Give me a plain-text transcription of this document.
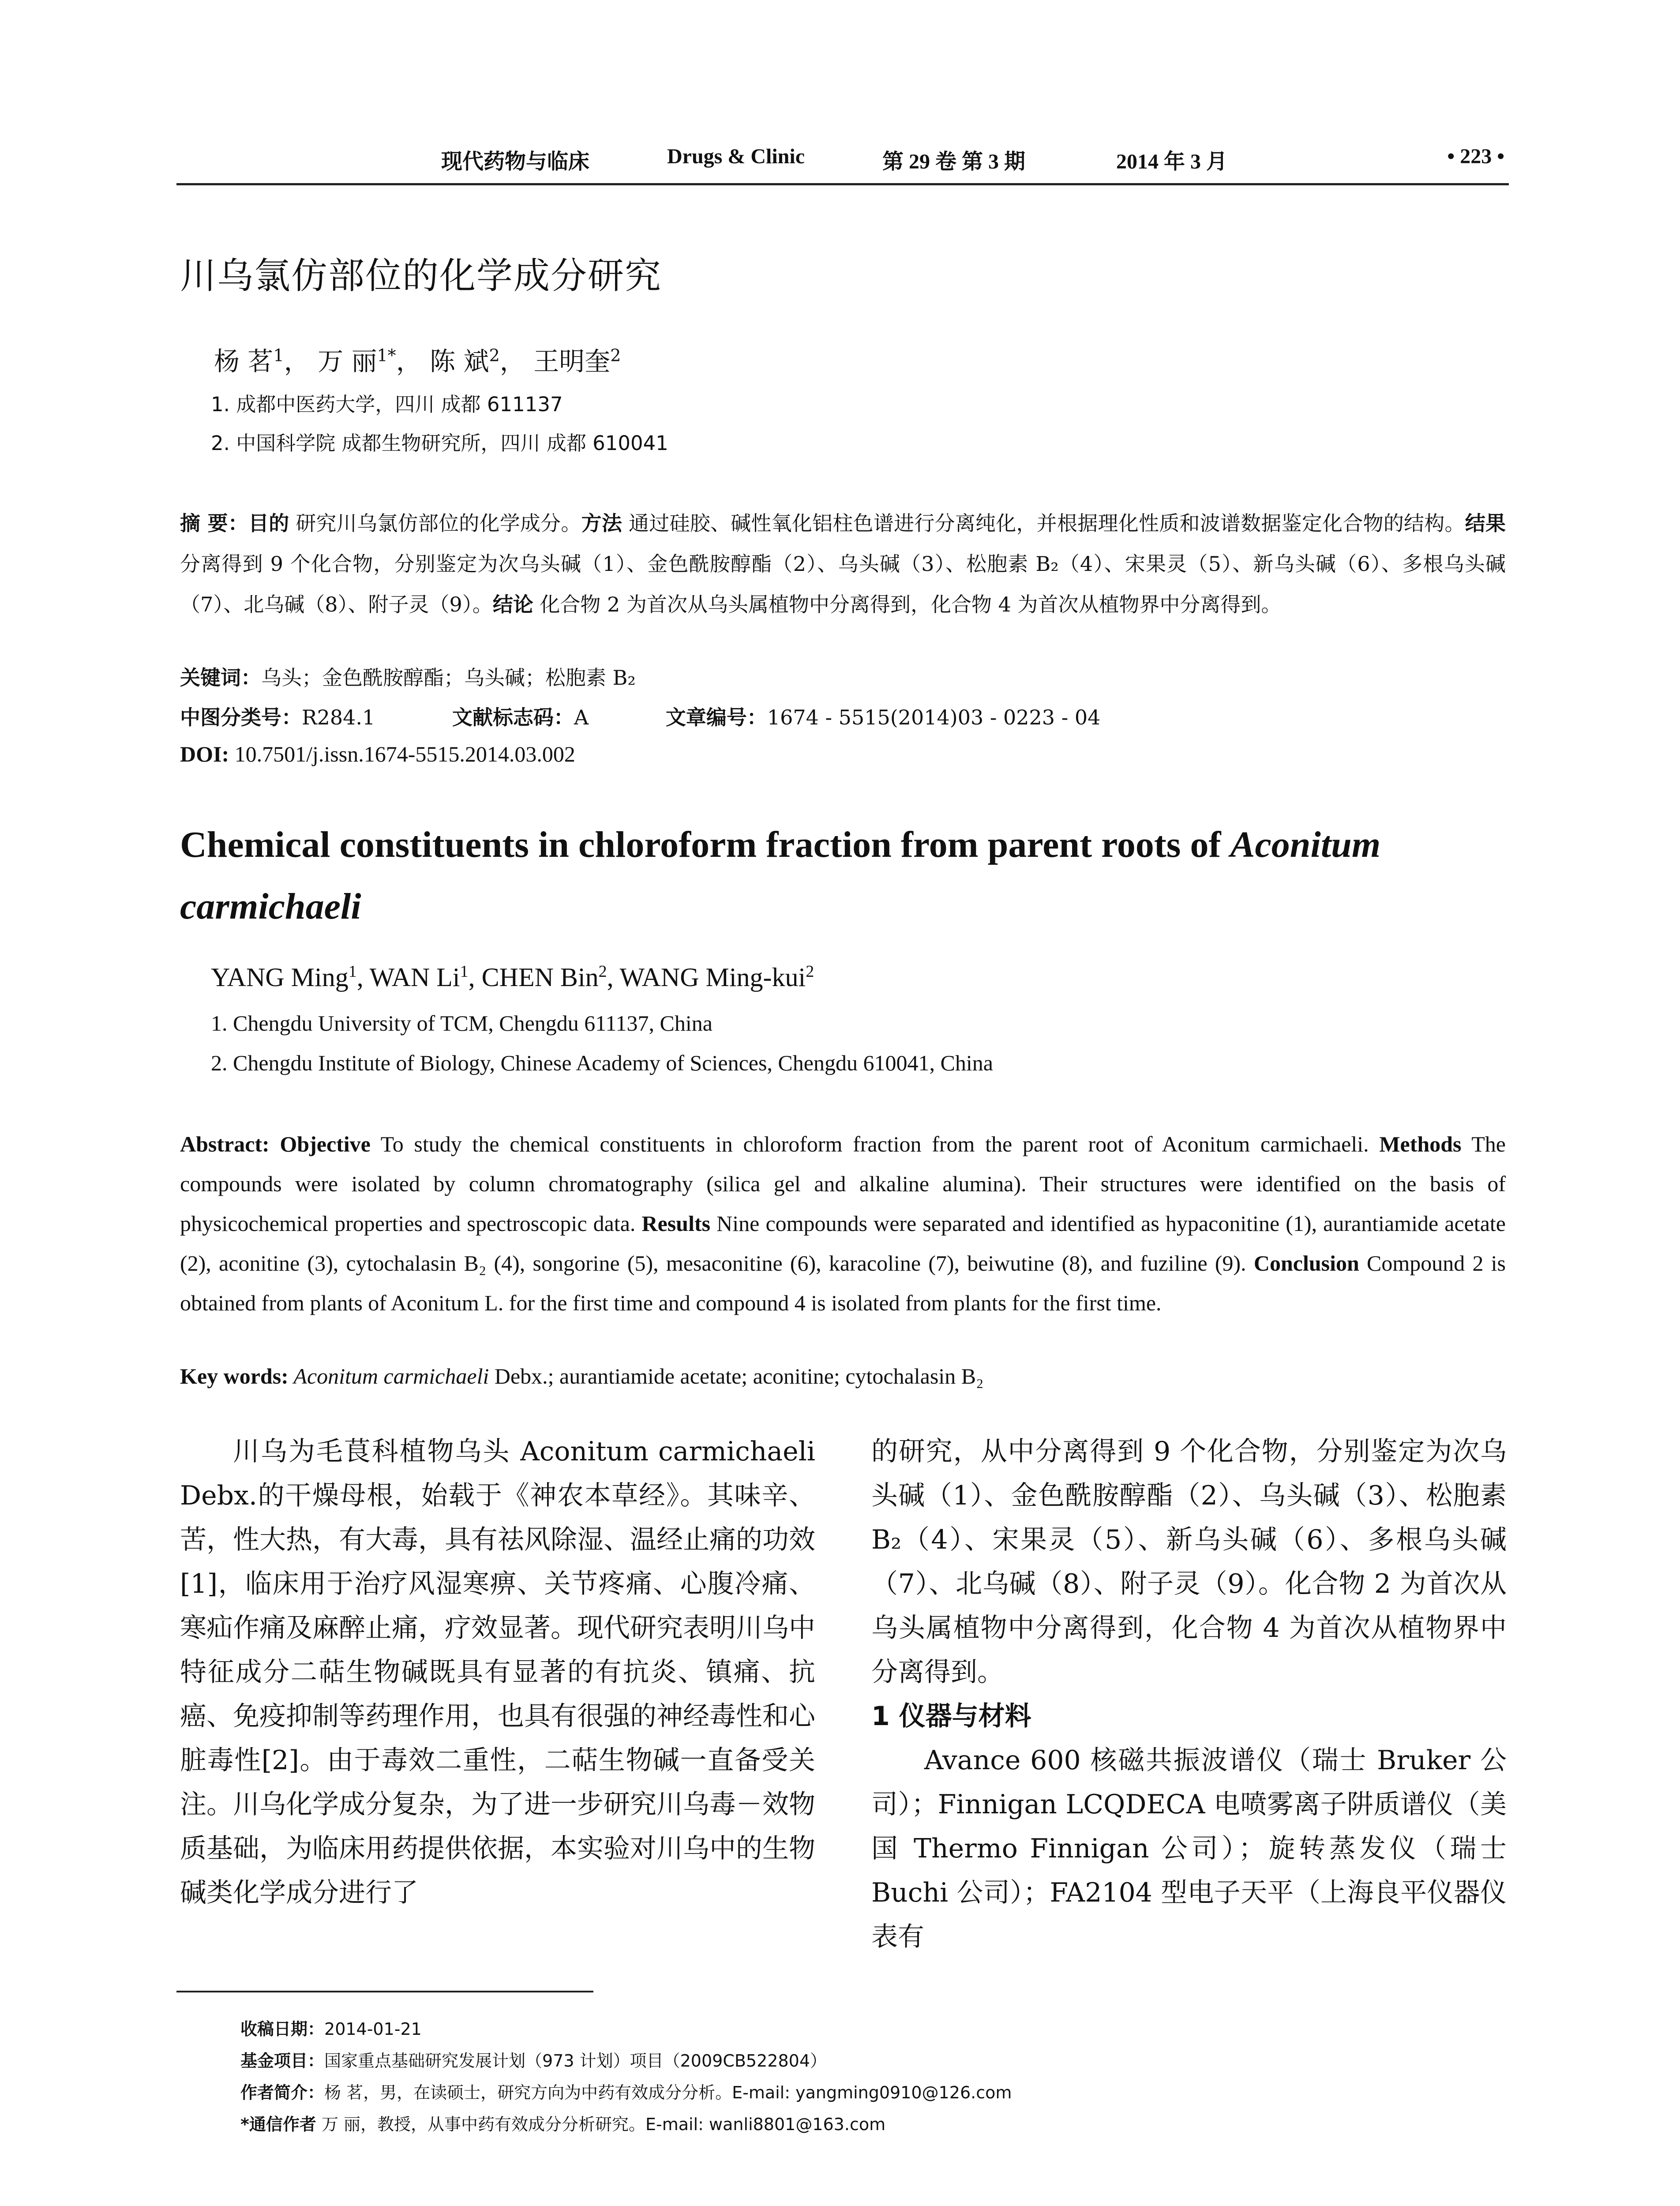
现代药物与临床	Drugs & Clinic	第 29 卷 第 3 期	2014 年 3 月	• 223 •
川乌氯仿部位的化学成分研究
杨 茗$^1$， 万 丽$^{1*}$， 陈 斌$^2$， 王明奎$^2$
1. 成都中医药大学，四川 成都 611137
2. 中国科学院 成都生物研究所，四川 成都 610041
摘 要：目的 研究川乌氯仿部位的化学成分。方法 通过硅胶、碱性氧化铝柱色谱进行分离纯化，并根据理化性质和波谱数据鉴定化合物的结构。结果 分离得到 9 个化合物，分别鉴定为次乌头碱（1）、金色酰胺醇酯（2）、乌头碱（3）、松胞素 B₂（4）、宋果灵（5）、新乌头碱（6）、多根乌头碱（7）、北乌碱（8）、附子灵（9）。结论 化合物 2 为首次从乌头属植物中分离得到，化合物 4 为首次从植物界中分离得到。
关键词：乌头；金色酰胺醇酯；乌头碱；松胞素 B₂
中图分类号：R284.1	文献标志码：A	文章编号：1674 - 5515(2014)03 - 0223 - 04
DOI: 10.7501/j.issn.1674-5515.2014.03.002
Chemical constituents in chloroform fraction from parent roots of Aconitum carmichaeli
YANG Ming$^1$, WAN Li$^1$, CHEN Bin$^2$, WANG Ming-kui$^2$
1. Chengdu University of TCM, Chengdu 611137, China
2. Chengdu Institute of Biology, Chinese Academy of Sciences, Chengdu 610041, China
Abstract: Objective To study the chemical constituents in chloroform fraction from the parent root of Aconitum carmichaeli. Methods The compounds were isolated by column chromatography (silica gel and alkaline alumina). Their structures were identified on the basis of physicochemical properties and spectroscopic data. Results Nine compounds were separated and identified as hypaconitine (1), aurantiamide acetate (2), aconitine (3), cytochalasin B₂ (4), songorine (5), mesaconitine (6), karacoline (7), beiwutine (8), and fuziline (9). Conclusion Compound 2 is obtained from plants of Aconitum L. for the first time and compound 4 is isolated from plants for the first time.
Key words: Aconitum carmichaeli Debx.; aurantiamide acetate; aconitine; cytochalasin B₂
川乌为毛茛科植物乌头 Aconitum carmichaeli Debx.的干燥母根，始载于《神农本草经》。其味辛、苦，性大热，有大毒，具有祛风除湿、温经止痛的功效[1]，临床用于治疗风湿寒痹、关节疼痛、心腹冷痛、寒疝作痛及麻醉止痛，疗效显著。现代研究表明川乌中特征成分二萜生物碱既具有显著的有抗炎、镇痛、抗癌、免疫抑制等药理作用，也具有很强的神经毒性和心脏毒性[2]。由于毒效二重性，二萜生物碱一直备受关注。川乌化学成分复杂，为了进一步研究川乌毒－效物质基础，为临床用药提供依据，本实验对川乌中的生物碱类化学成分进行了
的研究，从中分离得到 9 个化合物，分别鉴定为次乌头碱（1）、金色酰胺醇酯（2）、乌头碱（3）、松胞素 B₂（4）、宋果灵（5）、新乌头碱（6）、多根乌头碱（7）、北乌碱（8）、附子灵（9）。化合物 2 为首次从乌头属植物中分离得到，化合物 4 为首次从植物界中分离得到。
1 仪器与材料
Avance 600 核磁共振波谱仪（瑞士 Bruker 公司）；Finnigan LCQDECA 电喷雾离子阱质谱仪（美国 Thermo Finnigan 公司）；旋转蒸发仪（瑞士 Buchi 公司）；FA2104 型电子天平（上海良平仪器仪表有
收稿日期：2014-01-21
基金项目：国家重点基础研究发展计划（973 计划）项目（2009CB522804）
作者简介：杨 茗，男，在读硕士，研究方向为中药有效成分分析。E-mail: yangming0910@126.com
*通信作者 万 丽，教授，从事中药有效成分分析研究。E-mail: wanli8801@163.com
